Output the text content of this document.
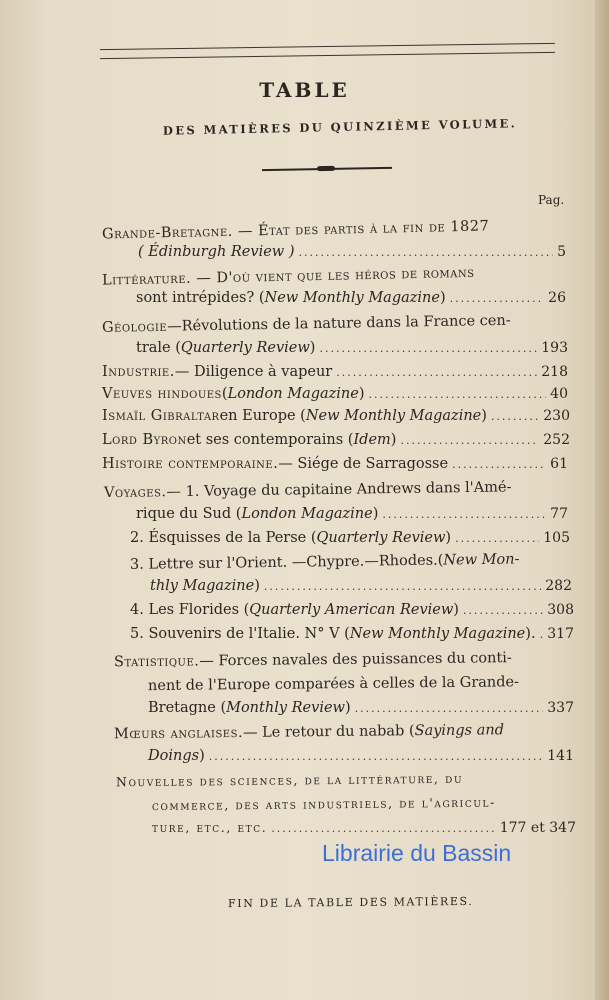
TABLE
DES MATIÈRES DU QUINZIÈME VOLUME.
Pag.
Grande-Bretagne. — État des partis à la fin de 1827
( Édinburgh Review ) .....	5
Littérature. — D'où vient que les héros de romans
sont intrépides? ( New Monthly Magazine ) .....	26
Géologie —Révolutions de la nature dans la France cen-
trale ( Quarterly Review ) .....	193
Industrie. — Diligence à vapeur .....	218
Veuves hindoues ( London Magazine ) .....	40
Ismaïl Gibraltar en Europe ( New Monthly Magazine ) .....	230
Lord Byron et ses contemporains ( Idem ) .....	252
Histoire contemporaine. — Siége de Sarragosse .....	61
Voyages. — 1. Voyage du capitaine Andrews dans l'Amé-
rique du Sud ( London Magazine ) .....	77
2. Ésquisses de la Perse ( Quarterly Review ) .....	105
3. Lettre sur l'Orient. —Chypre.—Rhodes.( New Mon-
thly Magazine ) .....	282
4. Les Florides ( Quarterly American Review ) .....	308
5. Souvenirs de l'Italie. N° V ( New Monthly Magazine ). ..... 317
Statistique. — Forces navales des puissances du conti-
nent de l'Europe comparées à celles de la Grande-
Bretagne ( Monthly Review ) .....	337
Mœurs anglaises. — Le retour du nabab ( Sayings and
Doings ) .....	141
Nouvelles des sciences, de la littérature, du
commerce, des arts industriels, de l'agricul-
ture, etc., etc. .....	177 et 347
Librairie du Bassin
FIN DE LA TABLE DES MATIÈRES.
